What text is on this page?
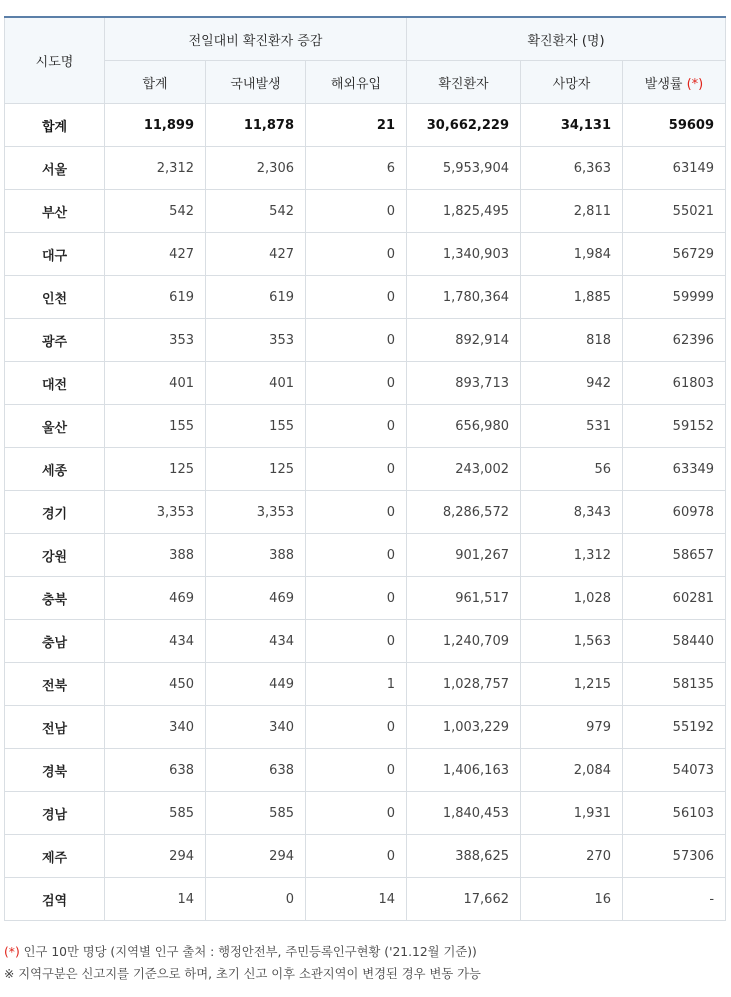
시도명	전일대비 확진환자 증감			확진환자 (명)		
	합계	국내발생	해외유입	확진환자	사망자	발생률 (*)
합계	11,899	11,878	21	30,662,229	34,131	59609
서울	2,312	2,306	6	5,953,904	6,363	63149
부산	542	542	0	1,825,495	2,811	55021
대구	427	427	0	1,340,903	1,984	56729
인천	619	619	0	1,780,364	1,885	59999
광주	353	353	0	892,914	818	62396
대전	401	401	0	893,713	942	61803
울산	155	155	0	656,980	531	59152
세종	125	125	0	243,002	56	63349
경기	3,353	3,353	0	8,286,572	8,343	60978
강원	388	388	0	901,267	1,312	58657
충북	469	469	0	961,517	1,028	60281
충남	434	434	0	1,240,709	1,563	58440
전북	450	449	1	1,028,757	1,215	58135
전남	340	340	0	1,003,229	979	55192
경북	638	638	0	1,406,163	2,084	54073
경남	585	585	0	1,840,453	1,931	56103
제주	294	294	0	388,625	270	57306
검역	14	0	14	17,662	16	-
(*) 인구 10만 명당 (지역별 인구 출처 : 행정안전부, 주민등록인구현황 ('21.12월 기준))
※ 지역구분은 신고지를 기준으로 하며, 초기 신고 이후 소관지역이 변경된 경우 변동 가능
